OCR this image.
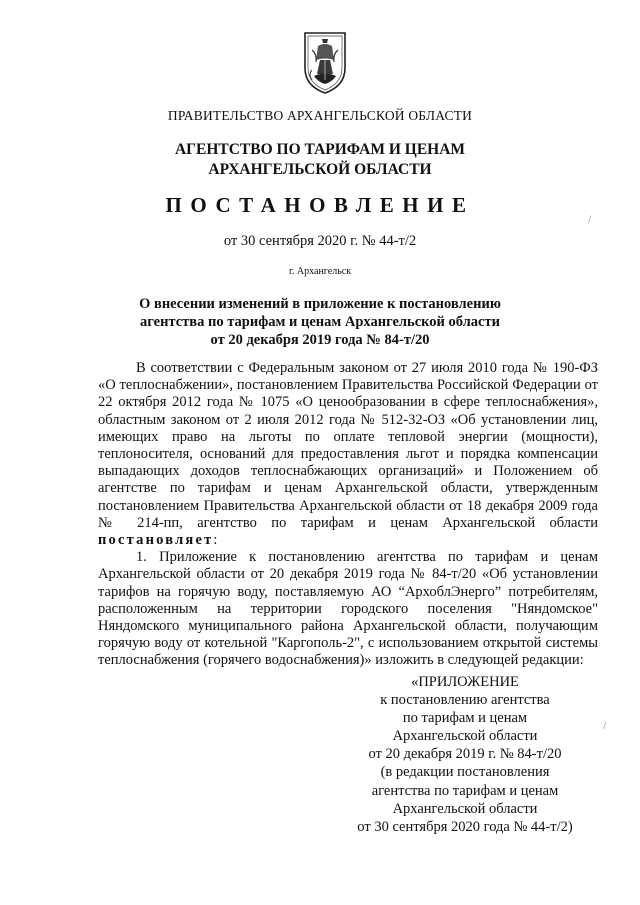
ПРАВИТЕЛЬСТВО АРХАНГЕЛЬСКОЙ ОБЛАСТИ
АГЕНТСТВО ПО ТАРИФАМ И ЦЕНАМ
АРХАНГЕЛЬСКОЙ ОБЛАСТИ
ПОСТАНОВЛЕНИЕ
от 30 сентября 2020 г. № 44-т/2
г. Архангельск
О внесении изменений в приложение к постановлению
агентства по тарифам и ценам Архангельской области
от 20 декабря 2019 года № 84-т/20

В соответствии с Федеральным законом от 27 июля 2010 года № 190-ФЗ «О теплоснабжении», постановлением Правительства Российской Федерации от 22 октября 2012 года № 1075 «О ценообразовании в сфере теплоснабжения», областным законом от 2 июля 2012 года № 512-32-ОЗ «Об установлении лиц, имеющих право на льготы по оплате тепловой энергии (мощности), теплоносителя, оснований для предоставления льгот и порядка компенсации выпадающих доходов теплоснабжающих организаций» и Положением об агентстве по тарифам и ценам Архангельской области, утвержденным постановлением Правительства Архангельской области от 18 декабря 2009 года № 214-пп, агентство по тарифам и ценам Архангельской области постановляет:

1. Приложение к постановлению агентства по тарифам и ценам Архангельской области от 20 декабря 2019 года № 84-т/20 «Об установлении тарифов на горячую воду, поставляемую АО “АрхоблЭнерго” потребителям, расположенным на территории городского поселения "Няндомское" Няндомского муниципального района Архангельской области, получающим горячую воду от котельной "Каргополь-2", с использованием открытой системы теплоснабжения (горячего водоснабжения)» изложить в следующей редакции:

«ПРИЛОЖЕНИЕ
к постановлению агентства
по тарифам и ценам
Архангельской области
от 20 декабря 2019 г. № 84-т/20
(в редакции постановления
агентства по тарифам и ценам
Архангельской области
от 30 сентября 2020 года № 44-т/2)
/
/
